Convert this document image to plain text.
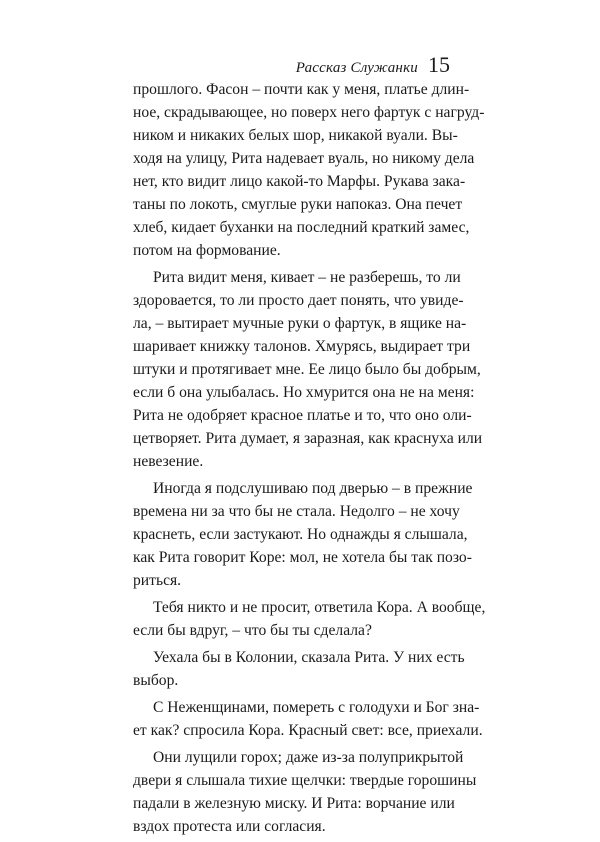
Рассказ Служанки 15
прошлого. Фасон – почти как у меня, платье длин-
ное, скрадывающее, но поверх него фартук с нагруд-
ником и никаких белых шор, никакой вуали. Вы-
ходя на улицу, Рита надевает вуаль, но никому дела
нет, кто видит лицо какой-то Марфы. Рукава зака-
таны по локоть, смуглые руки напоказ. Она печет
хлеб, кидает буханки на последний краткий замес,
потом на формование.
Рита видит меня, кивает – не разберешь, то ли
здоровается, то ли просто дает понять, что увиде-
ла, – вытирает мучные руки о фартук, в ящике на-
шаривает книжку талонов. Хмурясь, выдирает три
штуки и протягивает мне. Ее лицо было бы добрым,
если б она улыбалась. Но хмурится она не на меня:
Рита не одобряет красное платье и то, что оно оли-
цетворяет. Рита думает, я заразная, как краснуха или
невезение.
Иногда я подслушиваю под дверью – в прежние
времена ни за что бы не стала. Недолго – не хочу
краснеть, если застукают. Но однажды я слышала,
как Рита говорит Коре: мол, не хотела бы так позо-
риться.
Тебя никто и не просит, ответила Кора. А вообще,
если бы вдруг, – что бы ты сделала?
Уехала бы в Колонии, сказала Рита. У них есть
выбор.
С Неженщинами, помереть с голодухи и Бог зна-
ет как? спросила Кора. Красный свет: все, приехали.
Они лущили горох; даже из-за полуприкрытой
двери я слышала тихие щелчки: твердые горошины
падали в железную миску. И Рита: ворчание или
вздох протеста или согласия.
